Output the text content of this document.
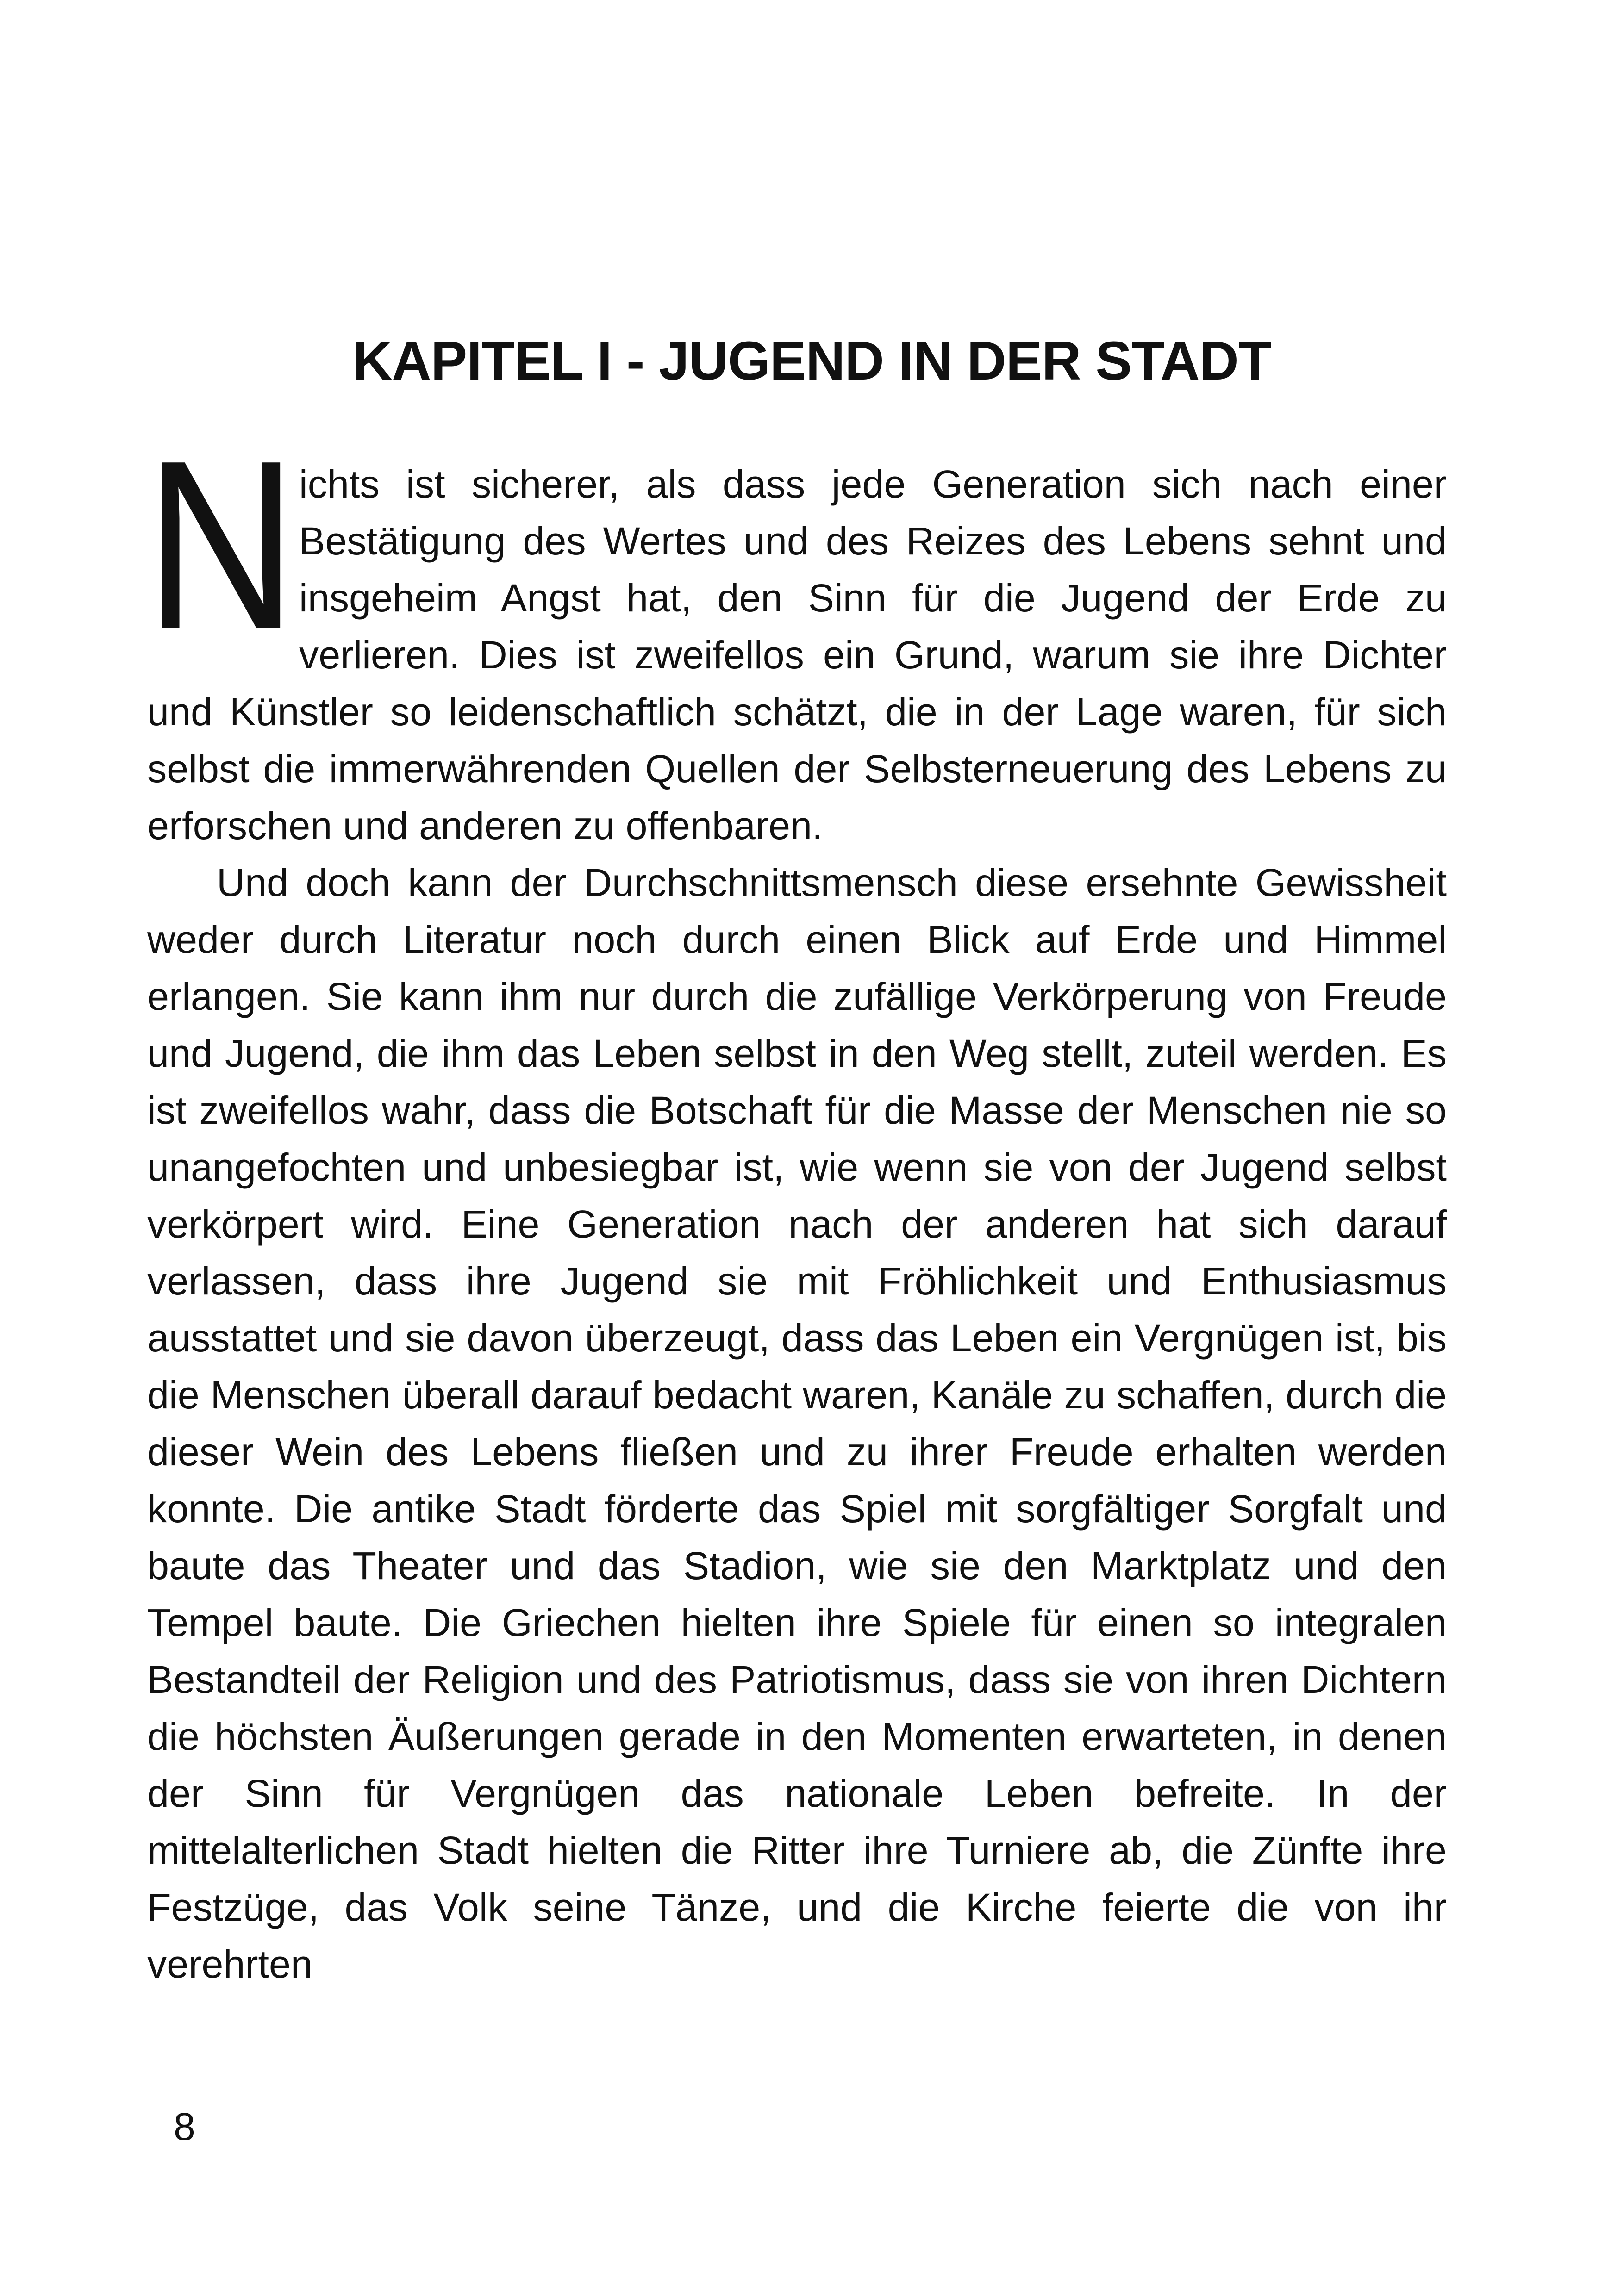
KAPITEL I - JUGEND IN DER STADT

Nichts ist sicherer, als dass jede Generation sich nach einer Bestätigung des Wertes und des Reizes des Lebens sehnt und insgeheim Angst hat, den Sinn für die Jugend der Erde zu verlieren. Dies ist zweifellos ein Grund, warum sie ihre Dichter und Künstler so leidenschaftlich schätzt, die in der Lage waren, für sich selbst die immerwährenden Quellen der Selbsterneuerung des Lebens zu erforschen und anderen zu offenbaren.

Und doch kann der Durchschnittsmensch diese ersehnte Gewissheit weder durch Literatur noch durch einen Blick auf Erde und Himmel erlangen. Sie kann ihm nur durch die zufällige Verkörperung von Freude und Jugend, die ihm das Leben selbst in den Weg stellt, zuteil werden. Es ist zweifellos wahr, dass die Botschaft für die Masse der Menschen nie so unangefochten und unbesiegbar ist, wie wenn sie von der Jugend selbst verkörpert wird. Eine Generation nach der anderen hat sich darauf verlassen, dass ihre Jugend sie mit Fröhlichkeit und Enthusiasmus ausstattet und sie davon überzeugt, dass das Leben ein Vergnügen ist, bis die Menschen überall darauf bedacht waren, Kanäle zu schaffen, durch die dieser Wein des Lebens fließen und zu ihrer Freude erhalten werden konnte. Die antike Stadt förderte das Spiel mit sorgfältiger Sorgfalt und baute das Theater und das Stadion, wie sie den Marktplatz und den Tempel baute. Die Griechen hielten ihre Spiele für einen so integralen Bestandteil der Religion und des Patriotismus, dass sie von ihren Dichtern die höchsten Äußerungen gerade in den Momenten erwarteten, in denen der Sinn für Vergnügen das nationale Leben befreite. In der mittelalterlichen Stadt hielten die Ritter ihre Turniere ab, die Zünfte ihre Festzüge, das Volk seine Tänze, und die Kirche feierte die von ihr verehrten

8
